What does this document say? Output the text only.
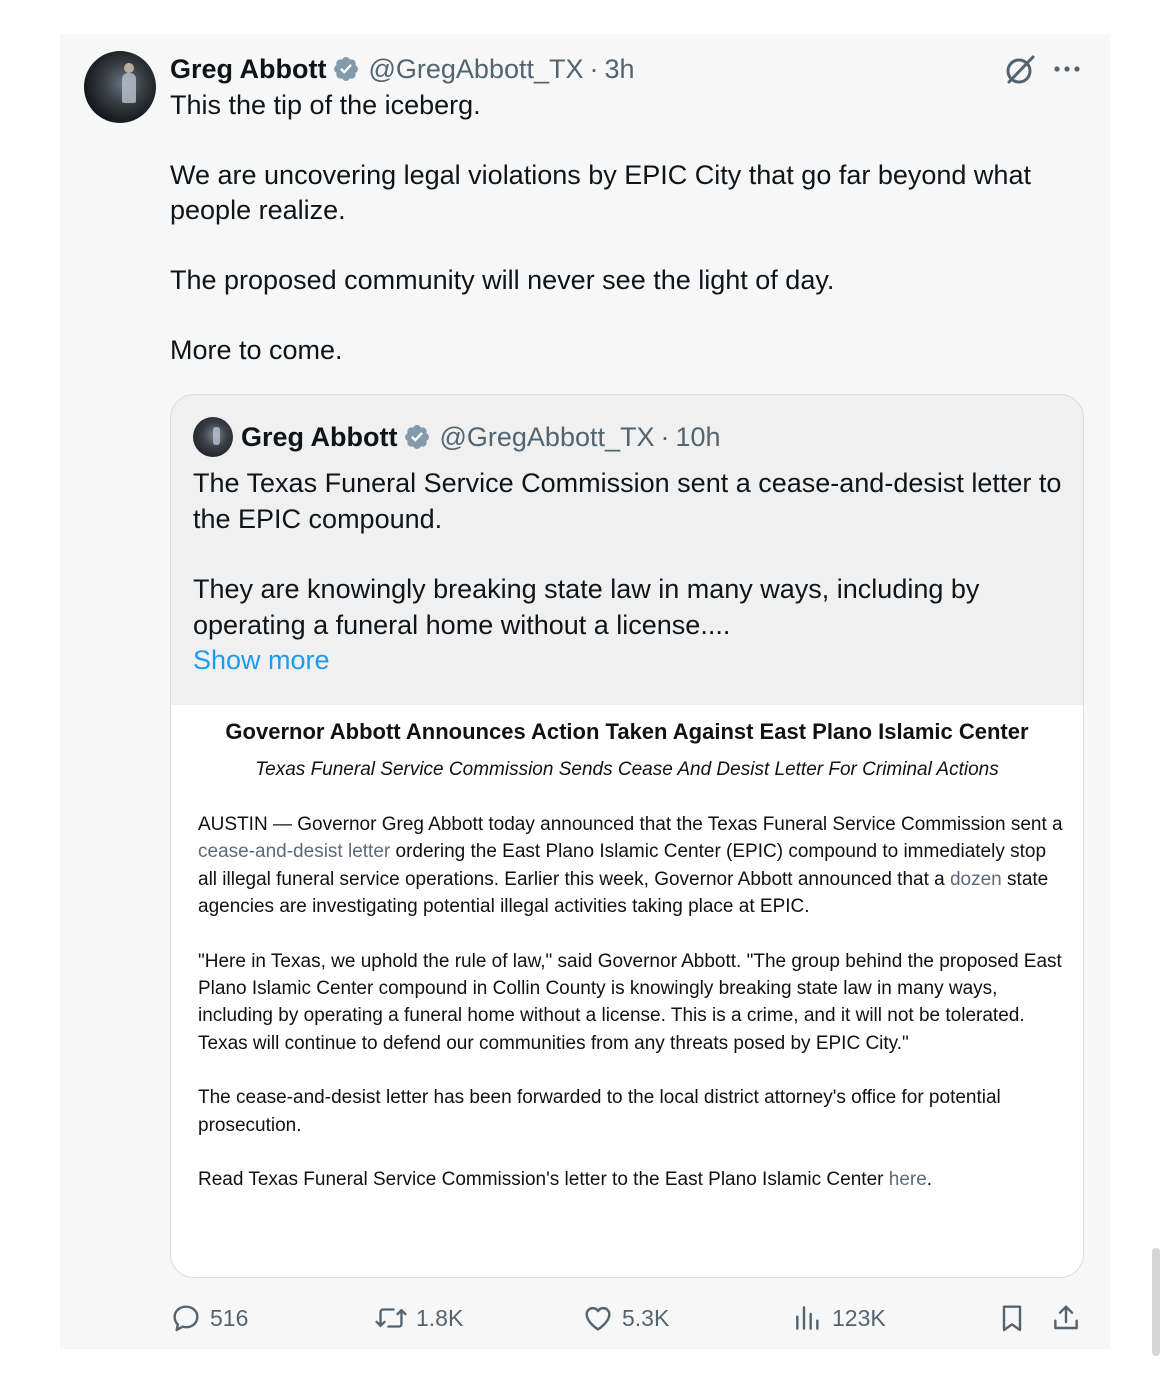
Greg Abbott @GregAbbott_TX · 3h

This the tip of the iceberg.

We are uncovering legal violations by EPIC City that go far beyond what people realize.

The proposed community will never see the light of day.

More to come.

Greg Abbott @GregAbbott_TX · 10h

The Texas Funeral Service Commission sent a cease-and-desist letter to the EPIC compound.

They are knowingly breaking state law in many ways, including by operating a funeral home without a license....

Show more
Governor Abbott Announces Action Taken Against East Plano Islamic Center
Texas Funeral Service Commission Sends Cease And Desist Letter For Criminal Actions

AUSTIN — Governor Greg Abbott today announced that the Texas Funeral Service Commission sent a cease-and-desist letter ordering the East Plano Islamic Center (EPIC) compound to immediately stop all illegal funeral service operations. Earlier this week, Governor Abbott announced that a dozen state agencies are investigating potential illegal activities taking place at EPIC.

"Here in Texas, we uphold the rule of law," said Governor Abbott. "The group behind the proposed East Plano Islamic Center compound in Collin County is knowingly breaking state law in many ways, including by operating a funeral home without a license. This is a crime, and it will not be tolerated. Texas will continue to defend our communities from any threats posed by EPIC City."

The cease-and-desist letter has been forwarded to the local district attorney's office for potential prosecution.

Read Texas Funeral Service Commission's letter to the East Plano Islamic Center here.

516	1.8K	5.3K	123K
